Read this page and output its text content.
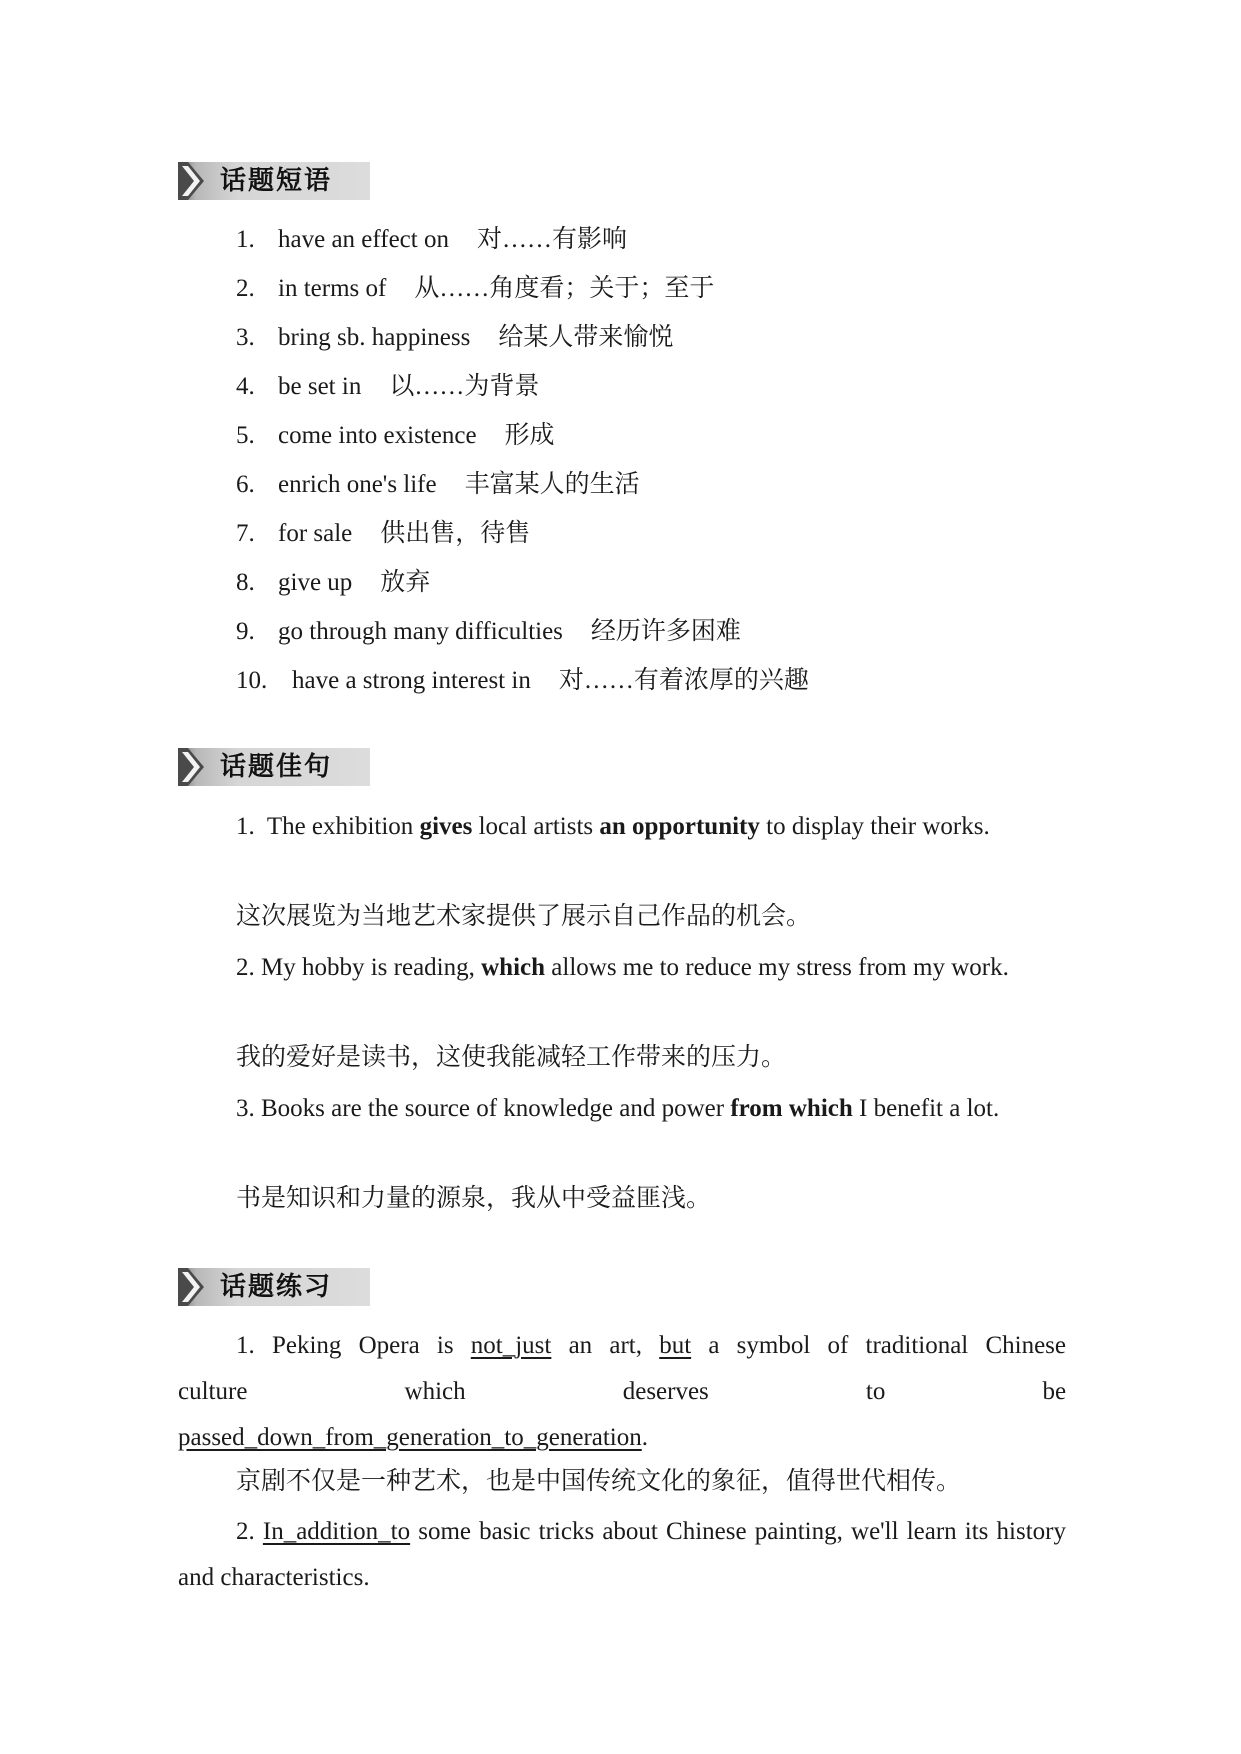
话题短语
1. have an effect on 对……有影响
2. in terms of 从……角度看；关于；至于
3. bring sb. happiness 给某人带来愉悦
4. be set in 以……为背景
5. come into existence 形成
6. enrich one's life 丰富某人的生活
7. for sale 供出售，待售
8. give up 放弃
9. go through many difficulties 经历许多困难
10. have a strong interest in 对……有着浓厚的兴趣
话题佳句
1. The exhibition gives local artists an opportunity to display their works.
这次展览为当地艺术家提供了展示自己作品的机会。
2. My hobby is reading, which allows me to reduce my stress from my work.
我的爱好是读书，这使我能减轻工作带来的压力。
3. Books are the source of knowledge and power from which I benefit a lot.
书是知识和力量的源泉，我从中受益匪浅。
话题练习
1. Peking Opera is not_just an art, but a symbol of traditional Chinese
culture	which	deserves	to	be
passed_down_from_generation_to_generation.
京剧不仅是一种艺术，也是中国传统文化的象征，值得世代相传。
2. In_addition_to some basic tricks about Chinese painting, we'll learn its history and characteristics.
